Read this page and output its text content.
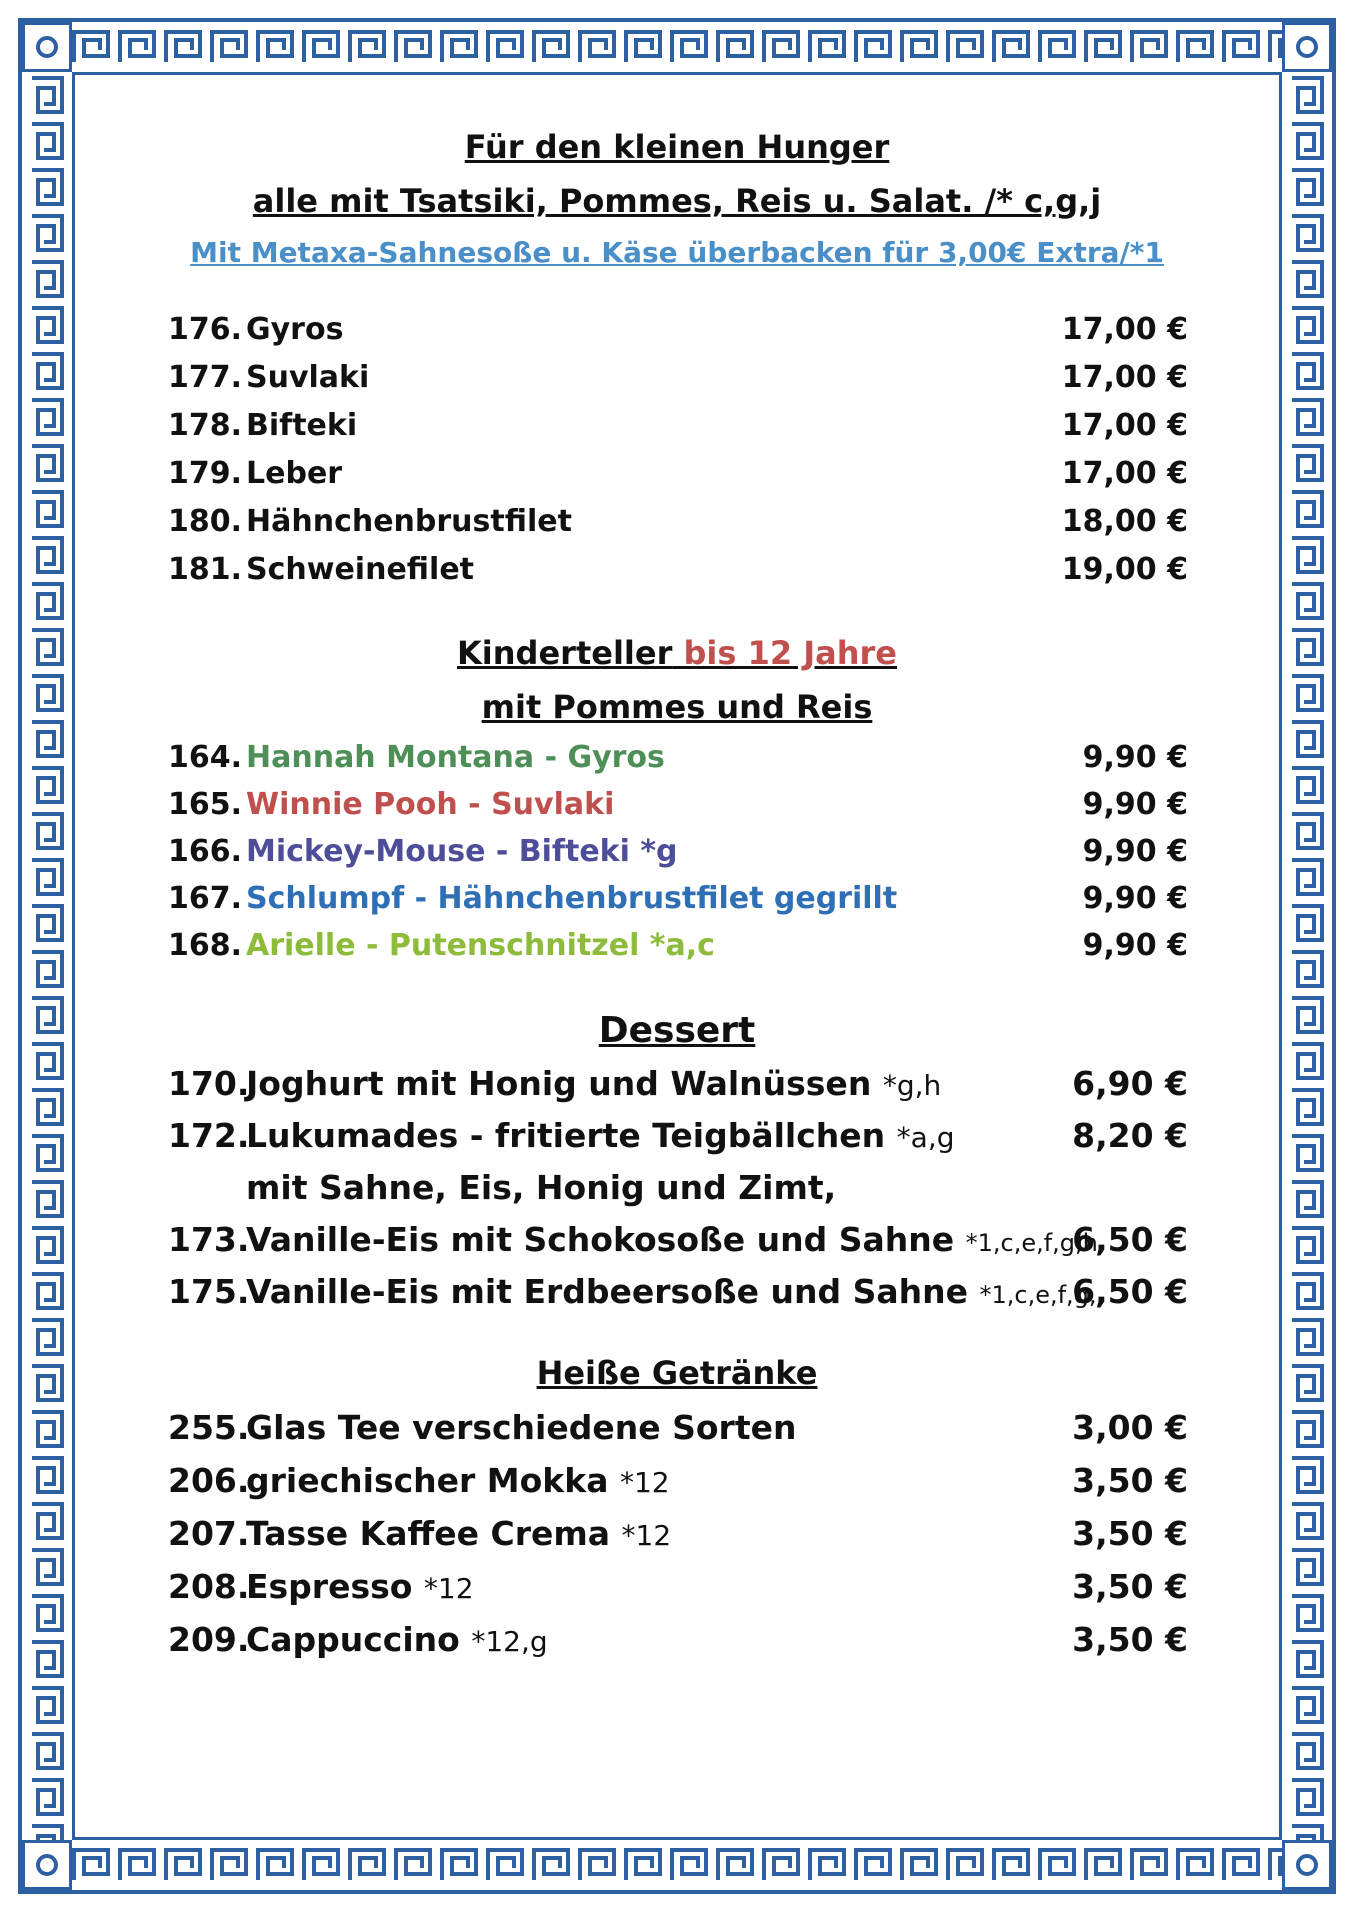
Für den kleinen Hunger
alle mit Tsatsiki, Pommes, Reis u. Salat. /* c,g,j
Mit Metaxa-Sahnesoße u. Käse überbacken für 3,00€ Extra/*1
176. Gyros	17,00 €
177. Suvlaki	17,00 €
178. Bifteki	17,00 €
179. Leber	17,00 €
180. Hähnchenbrustfilet	18,00 €
181. Schweinefilet	19,00 €
Kinderteller bis 12 Jahre
mit Pommes und Reis
164. Hannah Montana - Gyros	9,90 €
165. Winnie Pooh - Suvlaki	9,90 €
166. Mickey-Mouse - Bifteki *g	9,90 €
167. Schlumpf - Hähnchenbrustfilet gegrillt	9,90 €
168. Arielle - Putenschnitzel *a,c	9,90 €
Dessert
170.
Joghurt mit Honig und Walnüssen *g,h	6,90 €
172.
Lukumades - fritierte Teigbällchen *a,g	8,20 €
mit Sahne, Eis, Honig und Zimt,
173.
Vanille-Eis mit Schokosoße und Sahne *1,c,e,f,g,h
6,50 €
175.
Vanille-Eis mit Erdbeersoße und Sahne *1,c,e,f,g,
6,50 €
Heiße Getränke
255.
Glas Tee verschiedene Sorten	3,00 €
206.
griechischer Mokka *12	3,50 €
207.
Tasse Kaffee Crema *12	3,50 €
208.
Espresso *12	3,50 €
209.
Cappuccino *12,g	3,50 €
